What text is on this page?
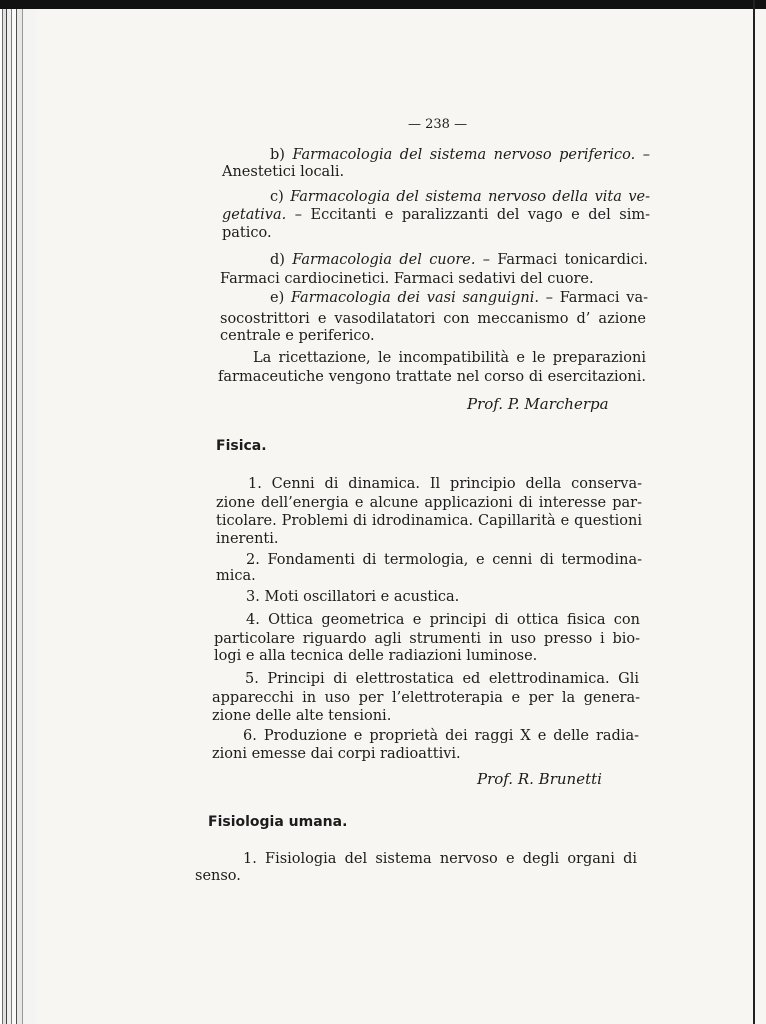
— 238 —
b) Farmacologia del sistema nervoso periferico. –
Anestetici locali.
c) Farmacologia del sistema nervoso della vita ve-
getativa. – Eccitanti e paralizzanti del vago e del sim-
patico.
d) Farmacologia del cuore. – Farmaci tonicardici.
Farmaci cardiocinetici. Farmaci sedativi del cuore.
e) Farmacologia dei vasi sanguigni. – Farmaci va-
socostrittori e vasodilatatori con meccanismo d’ azione
centrale e periferico.
La ricettazione, le incompatibilità e le preparazioni
farmaceutiche vengono trattate nel corso di esercitazioni.
1. Cenni di dinamica. Il principio della conserva-
zione dell’energia e alcune applicazioni di interesse par-
ticolare. Problemi di idrodinamica. Capillarità e questioni
inerenti.
2. Fondamenti di termologia, e cenni di termodina-
mica.
3. Moti oscillatori e acustica.
4. Ottica geometrica e principi di ottica fisica con
particolare riguardo agli strumenti in uso presso i bio-
logi e alla tecnica delle radiazioni luminose.
5. Principi di elettrostatica ed elettrodinamica. Gli
apparecchi in uso per l’elettroterapia e per la genera-
zione delle alte tensioni.
6. Produzione e proprietà dei raggi X e delle radia-
zioni emesse dai corpi radioattivi.
1. Fisiologia del sistema nervoso e degli organi di
senso.
Prof. P. Marcherpa
Fisica.
Prof. R. Brunetti
Fisiologia umana.
